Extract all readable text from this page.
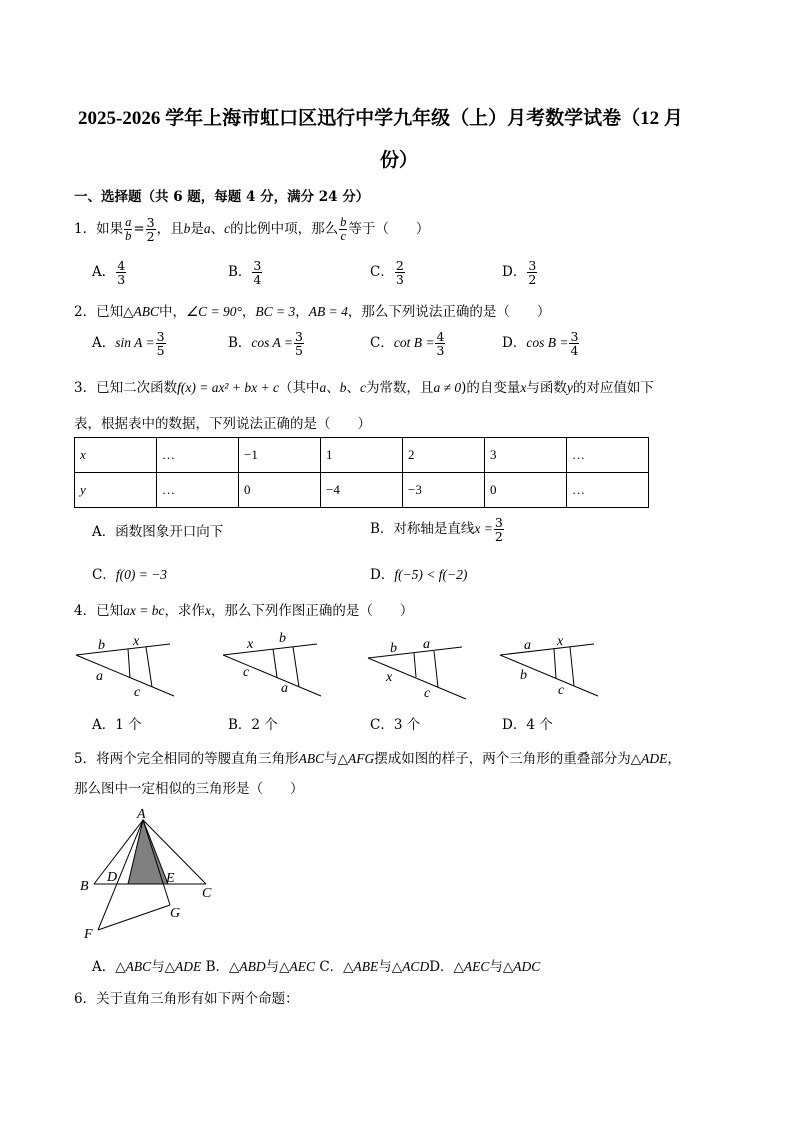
2025-2026 学年上海市虹口区迅行中学九年级（上）月考数学试卷（12 月
份）
一、选择题（共 6 题，每题 4 分，满分 24 分）
1．如果 $\frac{a}{b} = \frac{3}{2}$ ，且b是a、c的比例中项，那么 $\frac{b}{c}$ 等于（　　）
A． $\frac{4}{3}$	B． $\frac{3}{4}$	C． $\frac{2}{3}$	D． $\frac{3}{2}$
2．已知△ABC中，∠C = 90°，BC = 3，AB = 4，那么下列说法正确的是（　　）
A．$\sin A = \frac{3}{5}$	B．$\cos A = \frac{3}{5}$	C．$\cot B = \frac{4}{3}$	D．$\cos B = \frac{3}{4}$
3．已知二次函数f(x) = ax² + bx + c（其中a、b、c为常数，且a ≠ 0)的自变量x与函数y的对应值如下
表，根据表中的数据，下列说法正确的是（　　）
x	…	−1	1	2	3	…
y	…	0	−4	−3	0	…
A．函数图象开口向下	B．对称轴是直线$x = \frac{3}{2}$
C．f(0) = −3	D．f(−5) < f(−2)
4．已知ax = bc，求作x，那么下列作图正确的是（　　）
b x
a
c
x b
c
a
b a
x
c
a x
b
c
A．1 个	B．2 个	C．3 个	D．4 个
5．将两个完全相同的等腰直角三角形ABC与△AFG摆成如图的样子，两个三角形的重叠部分为△ADE，
那么图中一定相似的三角形是（　　）
A
B
D	E
C
G
F
A．△ABC与△ADE B．△ABD与△AEC C．△ABE与△ACDD．△AEC与△ADC
6．关于直角三角形有如下两个命题：
